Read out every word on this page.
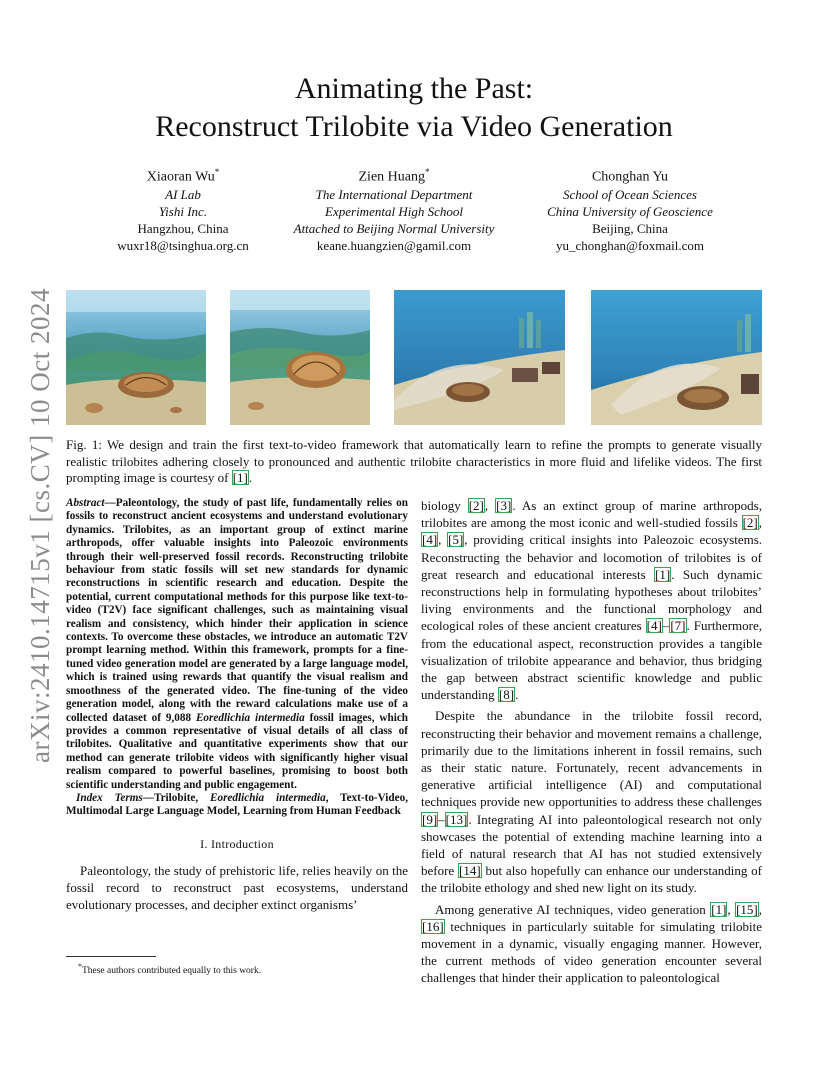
arXiv:2410.14715v1 [cs.CV] 10 Oct 2024
Animating the Past:
Reconstruct Trilobite via Video Generation
Xiaoran Wu*
AI Lab
Yishi Inc.
Hangzhou, China
wuxr18@tsinghua.org.cn
Zien Huang*
The International Department
Experimental High School
Attached to Beijing Normal University
keane.huangzien@gamil.com
Chonghan Yu
School of Ocean Sciences
China University of Geoscience
Beijing, China
yu_chonghan@foxmail.com

Fig. 1: We design and train the first text-to-video framework that automatically learn to refine the prompts to generate visually realistic trilobites adhering closely to pronounced and authentic trilobite characteristics in more fluid and lifelike videos. The first prompting image is courtesy of [1].

Abstract—Paleontology, the study of past life, fundamentally relies on fossils to reconstruct ancient ecosystems and understand evolutionary dynamics. Trilobites, as an important group of extinct marine arthropods, offer valuable insights into Paleozoic environments through their well-preserved fossil records. Reconstructing trilobite behaviour from static fossils will set new standards for dynamic reconstructions in scientific research and education. Despite the potential, current computational methods for this purpose like text-to-video (T2V) face significant challenges, such as maintaining visual realism and consistency, which hinder their application in science contexts. To overcome these obstacles, we introduce an automatic T2V prompt learning method. Within this framework, prompts for a fine-tuned video generation model are generated by a large language model, which is trained using rewards that quantify the visual realism and smoothness of the generated video. The fine-tuning of the video generation model, along with the reward calculations make use of a collected dataset of 9,088 Eoredlichia intermedia fossil images, which provides a common representative of visual details of all class of trilobites. Qualitative and quantitative experiments show that our method can generate trilobite videos with significantly higher visual realism compared to powerful baselines, promising to boost both scientific understanding and public engagement.

Index Terms—Trilobite, Eoredlichia intermedia, Text-to-Video, Multimodal Large Language Model, Learning from Human Feedback

I. Introduction

Paleontology, the study of prehistoric life, relies heavily on the fossil record to reconstruct past ecosystems, understand evolutionary processes, and decipher extinct organisms’

biology [2], [3]. As an extinct group of marine arthropods, trilobites are among the most iconic and well-studied fossils [2], [4], [5], providing critical insights into Paleozoic ecosystems. Reconstructing the behavior and locomotion of trilobites is of great research and educational interests [1]. Such dynamic reconstructions help in formulating hypotheses about trilobites’ living environments and the functional morphology and ecological roles of these ancient creatures [4]–[7]. Furthermore, from the educational aspect, reconstruction provides a tangible visualization of trilobite appearance and behavior, thus bridging the gap between abstract scientific knowledge and public understanding [8].

Despite the abundance in the trilobite fossil record, reconstructing their behavior and movement remains a challenge, primarily due to the limitations inherent in fossil remains, such as their static nature. Fortunately, recent advancements in generative artificial intelligence (AI) and computational techniques provide new opportunities to address these challenges [9]–[13]. Integrating AI into paleontological research not only showcases the potential of extending machine learning into a field of natural research that AI has not studied extensively before [14] but also hopefully can enhance our understanding of the trilobite ethology and shed new light on its study.

Among generative AI techniques, video generation [1], [15], [16] techniques in particularly suitable for simulating trilobite movement in a dynamic, visually engaging manner. However, the current methods of video generation encounter several challenges that hinder their application to paleontological

*These authors contributed equally to this work.
